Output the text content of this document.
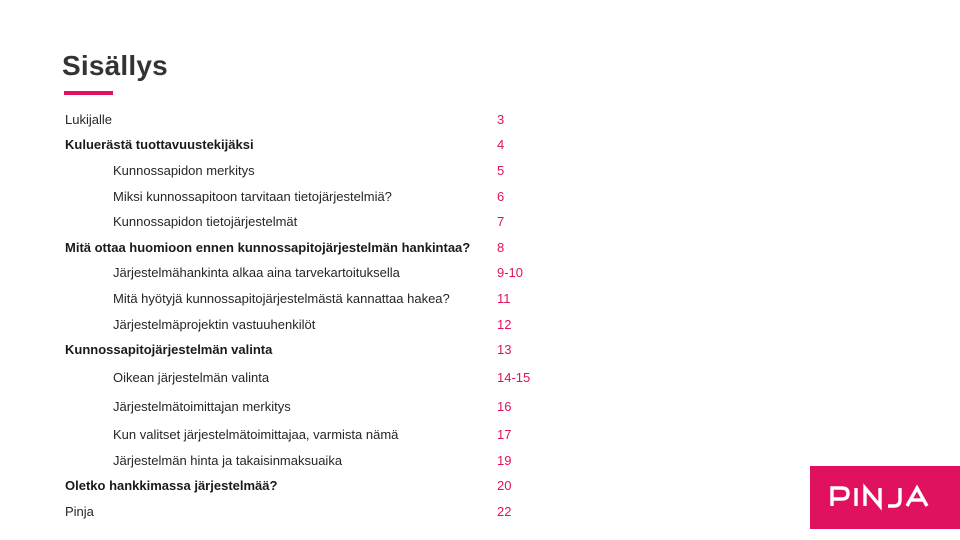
Sisällys
Lukijalle	3
Kuluerästä tuottavuustekijäksi	4
Kunnossapidon merkitys	5
Miksi kunnossapitoon tarvitaan tietojärjestelmiä?	6
Kunnossapidon tietojärjestelmät	7
Mitä ottaa huomioon ennen kunnossapitojärjestelmän hankintaa? 8
Järjestelmähankinta alkaa aina tarvekartoituksella	9-10
Mitä hyötyjä kunnossapitojärjestelmästä kannattaa hakea?	11
Järjestelmäprojektin vastuuhenkilöt	12
Kunnossapitojärjestelmän valinta	13
Oikean järjestelmän valinta	14-15
Järjestelmätoimittajan merkitys	16
Kun valitset järjestelmätoimittajaa, varmista nämä	17
Järjestelmän hinta ja takaisinmaksuaika	19
Oletko hankkimassa järjestelmää?	20
Pinja	22
